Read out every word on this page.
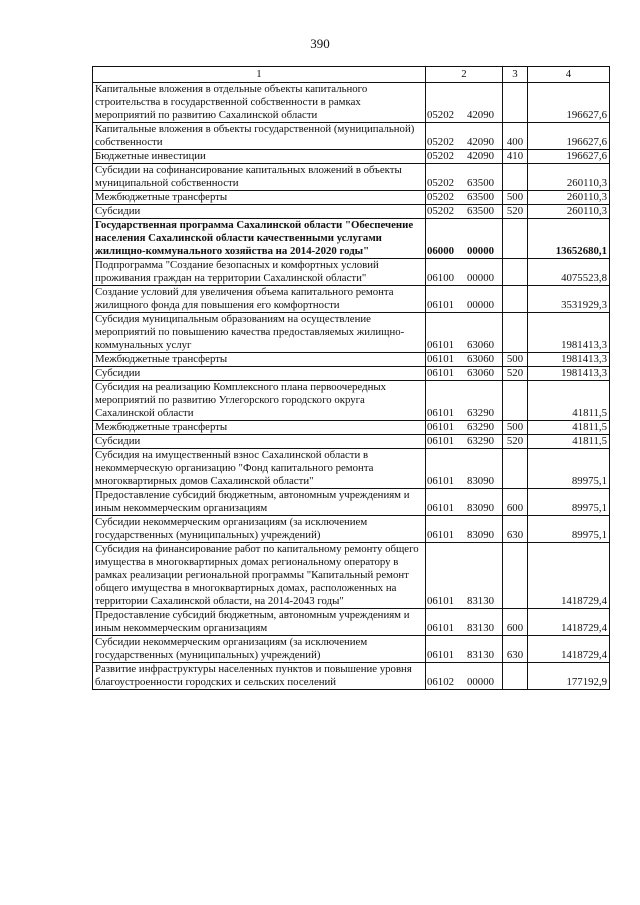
390
1	2	3	4
Капитальные вложения в отдельные объекты капитального строительства в государственной собственности в рамках мероприятий по развитию Сахалинской области	05202 42090		196627,6
Капитальные вложения в объекты государственной (муниципальной) собственности	05202 42090	400	196627,6
Бюджетные инвестиции	05202 42090	410	196627,6
Субсидии на софинансирование капитальных вложений в объекты муниципальной собственности	05202 63500		260110,3
Межбюджетные трансферты	05202 63500	500	260110,3
Субсидии	05202 63500	520	260110,3
Государственная программа Сахалинской области "Обеспечение населения Сахалинской области качественными услугами жилищно-коммунального хозяйства на 2014-2020 годы"	06000 00000		13652680,1
Подпрограмма "Создание безопасных и комфортных условий проживания граждан на территории Сахалинской области"	06100 00000		4075523,8
Создание условий для увеличения объема капитального ремонта жилищного фонда для повышения его комфортности	06101 00000		3531929,3
Субсидия муниципальным образованиям на осуществление мероприятий по повышению качества предоставляемых жилищно-коммунальных услуг	06101 63060		1981413,3
Межбюджетные трансферты	06101 63060	500	1981413,3
Субсидии	06101 63060	520	1981413,3
Субсидия на реализацию Комплексного плана первоочередных мероприятий по развитию Углегорского городского округа Сахалинской области	06101 63290		41811,5
Межбюджетные трансферты	06101 63290	500	41811,5
Субсидии	06101 63290	520	41811,5
Субсидия на имущественный взнос Сахалинской области в некоммерческую организацию "Фонд капитального ремонта многоквартирных домов Сахалинской области"	06101 83090		89975,1
Предоставление субсидий бюджетным, автономным учреждениям и иным некоммерческим организациям	06101 83090	600	89975,1
Субсидии некоммерческим организациям (за исключением государственных (муниципальных) учреждений)	06101 83090	630	89975,1
Субсидия на финансирование работ по капитальному ремонту общего имущества в многоквартирных домах региональному оператору в рамках реализации региональной программы "Капитальный ремонт общего имущества в многоквартирных домах, расположенных на территории Сахалинской области, на 2014-2043 годы"	06101 83130		1418729,4
Предоставление субсидий бюджетным, автономным учреждениям и иным некоммерческим организациям	06101 83130	600	1418729,4
Субсидии некоммерческим организациям (за исключением государственных (муниципальных) учреждений)	06101 83130	630	1418729,4
Развитие инфраструктуры населенных пунктов и повышение уровня благоустроенности городских и сельских поселений	06102 00000		177192,9
